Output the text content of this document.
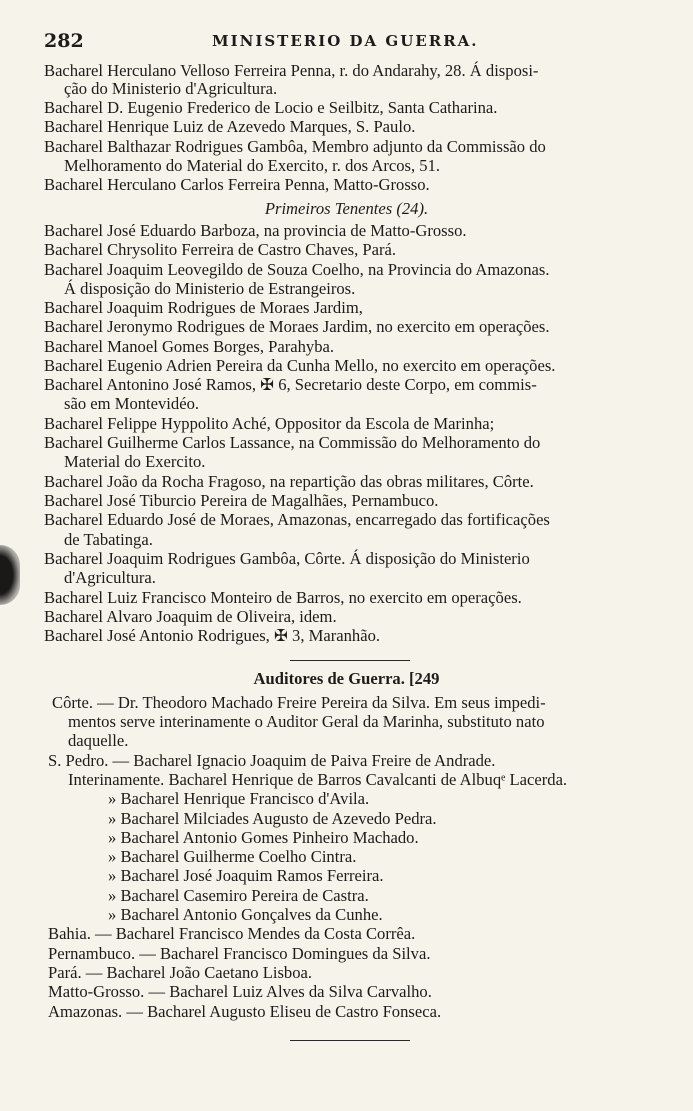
282	MINISTERIO DA GUERRA.
Bacharel Herculano Velloso Ferreira Penna, r. do Andarahy, 28. Á disposi-
ção do Ministerio d'Agricultura.
Bacharel D. Eugenio Frederico de Locio e Seilbitz, Santa Catharina.
Bacharel Henrique Luiz de Azevedo Marques, S. Paulo.
Bacharel Balthazar Rodrigues Gambôa, Membro adjunto da Commissão do
Melhoramento do Material do Exercito, r. dos Arcos, 51.
Bacharel Herculano Carlos Ferreira Penna, Matto-Grosso.
Primeiros Tenentes (24).
Bacharel José Eduardo Barboza, na provincia de Matto-Grosso.
Bacharel Chrysolito Ferreira de Castro Chaves, Pará.
Bacharel Joaquim Leovegildo de Souza Coelho, na Provincia do Amazonas.
Á disposição do Ministerio de Estrangeiros.
Bacharel Joaquim Rodrigues de Moraes Jardim,
Bacharel Jeronymo Rodrigues de Moraes Jardim, no exercito em operações.
Bacharel Manoel Gomes Borges, Parahyba.
Bacharel Eugenio Adrien Pereira da Cunha Mello, no exercito em operações.
Bacharel Antonino José Ramos, ✠ 6, Secretario deste Corpo, em commis-
são em Montevidéo.
Bacharel Felippe Hyppolito Aché, Oppositor da Escola de Marinha;
Bacharel Guilherme Carlos Lassance, na Commissão do Melhoramento do
Material do Exercito.
Bacharel João da Rocha Fragoso, na repartição das obras militares, Côrte.
Bacharel José Tiburcio Pereira de Magalhães, Pernambuco.
Bacharel Eduardo José de Moraes, Amazonas, encarregado das fortificações
de Tabatinga.
Bacharel Joaquim Rodrigues Gambôa, Côrte. Á disposição do Ministerio
d'Agricultura.
Bacharel Luiz Francisco Monteiro de Barros, no exercito em operações.
Bacharel Alvaro Joaquim de Oliveira, idem.
Bacharel José Antonio Rodrigues, ✠ 3, Maranhão.
Auditores de Guerra. [249
Côrte. — Dr. Theodoro Machado Freire Pereira da Silva. Em seus impedi-
mentos serve interinamente o Auditor Geral da Marinha, substituto nato
daquelle.
S. Pedro. — Bacharel Ignacio Joaquim de Paiva Freire de Andrade.
Interinamente. Bacharel Henrique de Barros Cavalcanti de Albuqᵉ Lacerda.
» Bacharel Henrique Francisco d'Avila.
» Bacharel Milciades Augusto de Azevedo Pedra.
» Bacharel Antonio Gomes Pinheiro Machado.
» Bacharel Guilherme Coelho Cintra.
» Bacharel José Joaquim Ramos Ferreira.
» Bacharel Casemiro Pereira de Castra.
» Bacharel Antonio Gonçalves da Cunhe.
Bahia. — Bacharel Francisco Mendes da Costa Corrêa.
Pernambuco. — Bacharel Francisco Domingues da Silva.
Pará. — Bacharel João Caetano Lisboa.
Matto-Grosso. — Bacharel Luiz Alves da Silva Carvalho.
Amazonas. — Bacharel Augusto Eliseu de Castro Fonseca.
